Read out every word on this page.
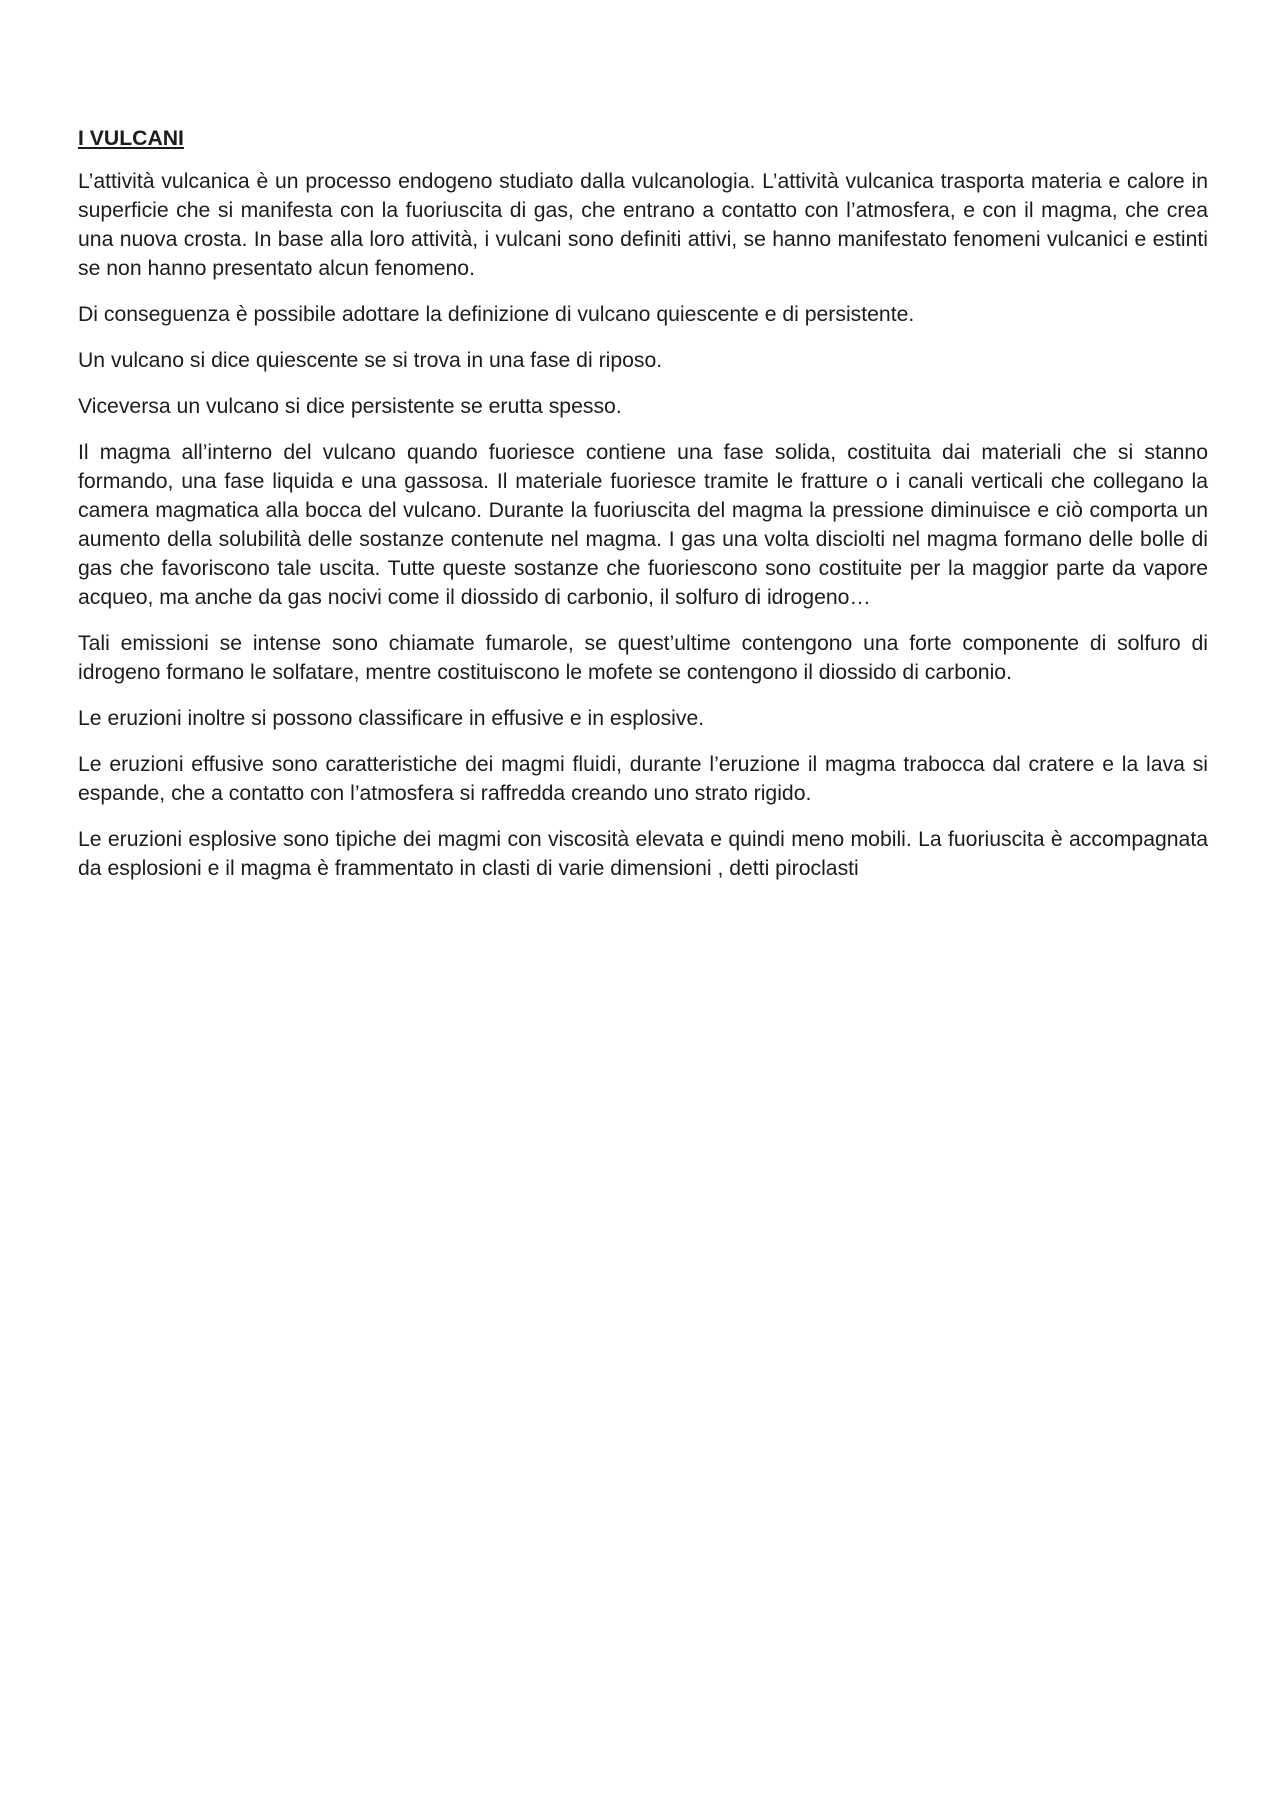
I VULCANI

L’attività vulcanica è un processo endogeno studiato dalla vulcanologia. L’attività vulcanica trasporta materia e calore in superficie che si manifesta con la fuoriuscita di gas, che entrano a contatto con l’atmosfera, e con il magma, che crea una nuova crosta. In base alla loro attività, i vulcani sono definiti attivi, se hanno manifestato fenomeni vulcanici e estinti se non hanno presentato alcun fenomeno.

Di conseguenza è possibile adottare la definizione di vulcano quiescente e di persistente.

Un vulcano si dice quiescente se si trova in una fase di riposo.

Viceversa un vulcano si dice persistente se erutta spesso.

Il magma all’interno del vulcano quando fuoriesce contiene una fase solida, costituita dai materiali che si stanno formando, una fase liquida e una gassosa. Il materiale fuoriesce tramite le fratture o i canali verticali che collegano la camera magmatica alla bocca del vulcano. Durante la fuoriuscita del magma la pressione diminuisce e ciò comporta un aumento della solubilità delle sostanze contenute nel magma. I gas una volta disciolti nel magma formano delle bolle di gas che favoriscono tale uscita. Tutte queste sostanze che fuoriescono sono costituite per la maggior parte da vapore acqueo, ma anche da gas nocivi come il diossido di carbonio, il solfuro di idrogeno…

Tali emissioni se intense sono chiamate fumarole, se quest’ultime contengono una forte componente di solfuro di idrogeno formano le solfatare, mentre costituiscono le mofete se contengono il diossido di carbonio.

Le eruzioni inoltre si possono classificare in effusive e in esplosive.

Le eruzioni effusive sono caratteristiche dei magmi fluidi, durante l’eruzione il magma trabocca dal cratere e la lava si espande, che a contatto con l’atmosfera si raffredda creando uno strato rigido.

Le eruzioni esplosive sono tipiche dei magmi con viscosità elevata e quindi meno mobili. La fuoriuscita è accompagnata da esplosioni e il magma è frammentato in clasti di varie dimensioni , detti piroclasti
